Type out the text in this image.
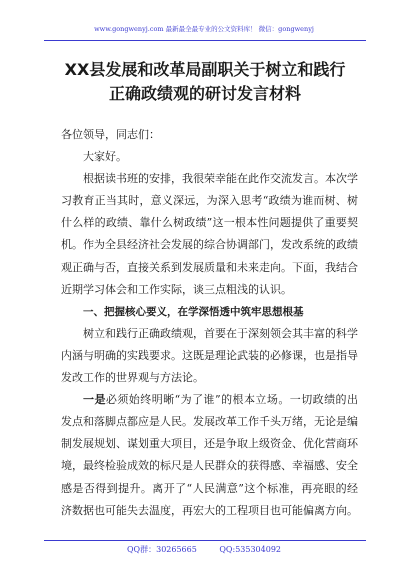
www.gongwenyj.com 最新最全最专业的公文资料库！ 微信：gongwenyj
XX县发展和改革局副职关于树立和践行
正确政绩观的研讨发言材料

各位领导，同志们：

大家好。

根据读书班的安排，我很荣幸能在此作交流发言。本次学习教育正当其时，意义深远，为深入思考“政绩为谁而树、树什么样的政绩、靠什么树政绩”这一根本性问题提供了重要契机。作为全县经济社会发展的综合协调部门，发改系统的政绩观正确与否，直接关系到发展质量和未来走向。下面，我结合近期学习体会和工作实际，谈三点粗浅的认识。

一、把握核心要义，在学深悟透中筑牢思想根基

树立和践行正确政绩观，首要在于深刻领会其丰富的科学内涵与明确的实践要求。这既是理论武装的必修课，也是指导发改工作的世界观与方法论。

一是必须始终明晰“为了谁”的根本立场。一切政绩的出发点和落脚点都应是人民。发展改革工作千头万绪，无论是编制发展规划、谋划重大项目，还是争取上级资金、优化营商环境，最终检验成效的标尺是人民群众的获得感、幸福感、安全感是否得到提升。离开了“人民满意”这个标准，再亮眼的经济数据也可能失去温度，再宏大的工程项目也可能偏离方向。

QQ群：30265665	QQ:535304092
